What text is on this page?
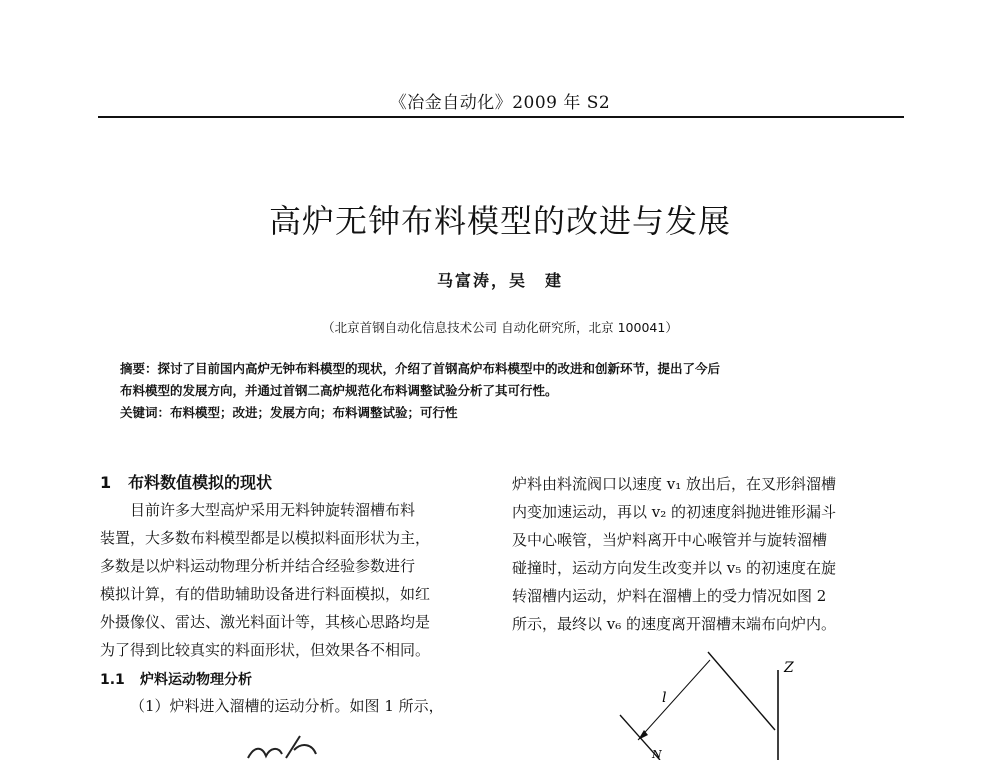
《冶金自动化》2009 年 S2
高炉无钟布料模型的改进与发展
马富涛，吴　建
（北京首钢自动化信息技术公司 自动化研究所，北京 100041）
摘要：探讨了目前国内高炉无钟布料模型的现状，介绍了首钢高炉布料模型中的改进和创新环节，提出了今后
布料模型的发展方向，并通过首钢二高炉规范化布料调整试验分析了其可行性。
关键词：布料模型；改进；发展方向；布料调整试验；可行性
1 布料数值模拟的现状
目前许多大型高炉采用无料钟旋转溜槽布料
装置，大多数布料模型都是以模拟料面形状为主，
多数是以炉料运动物理分析并结合经验参数进行
模拟计算，有的借助辅助设备进行料面模拟，如红
外摄像仪、雷达、激光料面计等，其核心思路均是
为了得到比较真实的料面形状，但效果各不相同。
1.1 炉料运动物理分析
（1）炉料进入溜槽的运动分析。如图 1 所示，
炉料由料流阀口以速度 v₁ 放出后，在叉形斜溜槽
内变加速运动，再以 v₂ 的初速度斜抛进锥形漏斗
及中心喉管，当炉料离开中心喉管并与旋转溜槽
碰撞时，运动方向发生改变并以 v₅ 的初速度在旋
转溜槽内运动，炉料在溜槽上的受力情况如图 2
所示，最终以 v₆ 的速度离开溜槽末端布向炉内。
Z
l
N
